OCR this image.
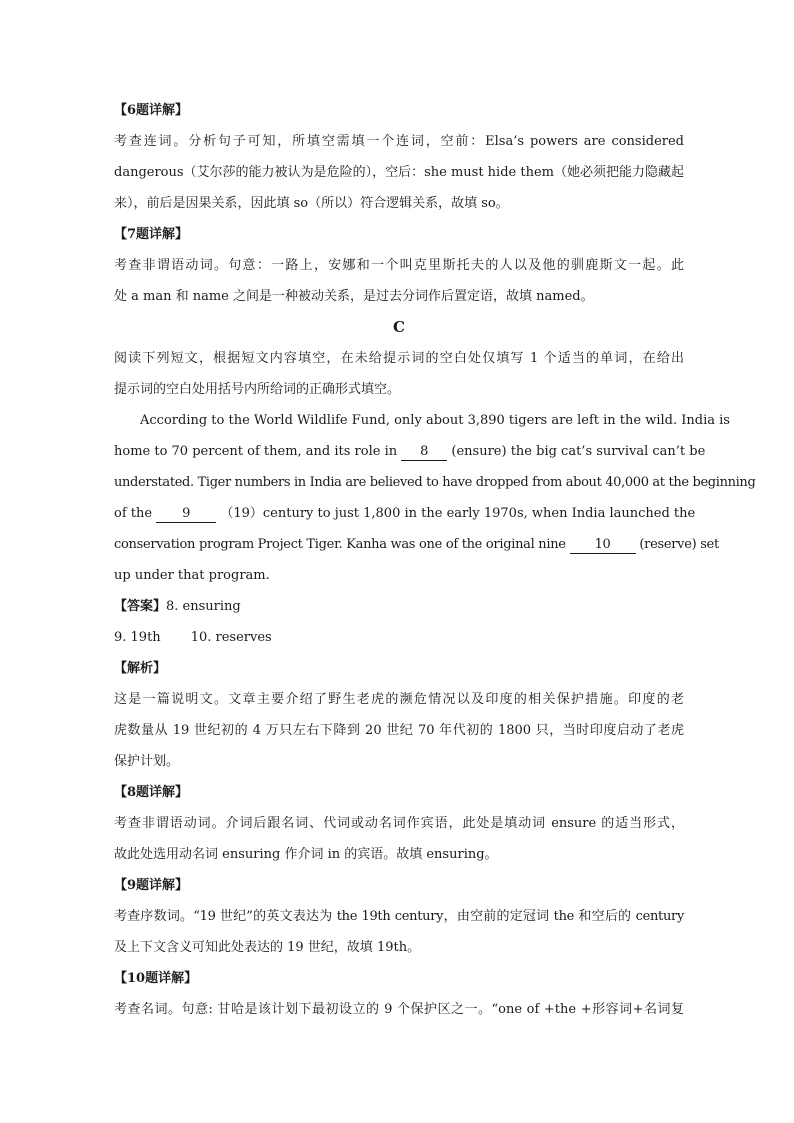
【6题详解】
考查连词。分析句子可知，所填空需填一个连词，空前：Elsa’s powers are considered
dangerous（艾尔莎的能力被认为是危险的），空后：she must hide them（她必须把能力隐藏起
来），前后是因果关系，因此填 so（所以）符合逻辑关系，故填 so。
【7题详解】
考查非谓语动词。句意：一路上，安娜和一个叫克里斯托夫的人以及他的驯鹿斯文一起。此
处 a man 和 name 之间是一种被动关系，是过去分词作后置定语，故填 named。
C
阅读下列短文，根据短文内容填空，在未给提示词的空白处仅填写 1 个适当的单词，在给出
提示词的空白处用括号内所给词的正确形式填空。
According to the World Wildlife Fund, only about 3,890 tigers are left in the wild. India is
home to 70 percent of them, and its role in 8 (ensure) the big cat’s survival can’t be
understated. Tiger numbers in India are believed to have dropped from about 40,000 at the beginning
of the 9 （19）century to just 1,800 in the early 1970s, when India launched the
conservation program Project Tiger. Kanha was one of the original nine 10 (reserve) set
up under that program.
【答案】8. ensuring
9. 19th 10. reserves
【解析】
这是一篇说明文。文章主要介绍了野生老虎的濒危情况以及印度的相关保护措施。印度的老
虎数量从 19 世纪初的 4 万只左右下降到 20 世纪 70 年代初的 1800 只，当时印度启动了老虎
保护计划。
【8题详解】
考查非谓语动词。介词后跟名词、代词或动名词作宾语，此处是填动词 ensure 的适当形式，
故此处选用动名词 ensuring 作介词 in 的宾语。故填 ensuring。
【9题详解】
考查序数词。“19 世纪”的英文表达为 the 19th century，由空前的定冠词 the 和空后的 century
及上下文含义可知此处表达的 19 世纪，故填 19th。
【10题详解】
考查名词。句意: 甘哈是该计划下最初设立的 9 个保护区之一。“one of +the +形容词+名词复
